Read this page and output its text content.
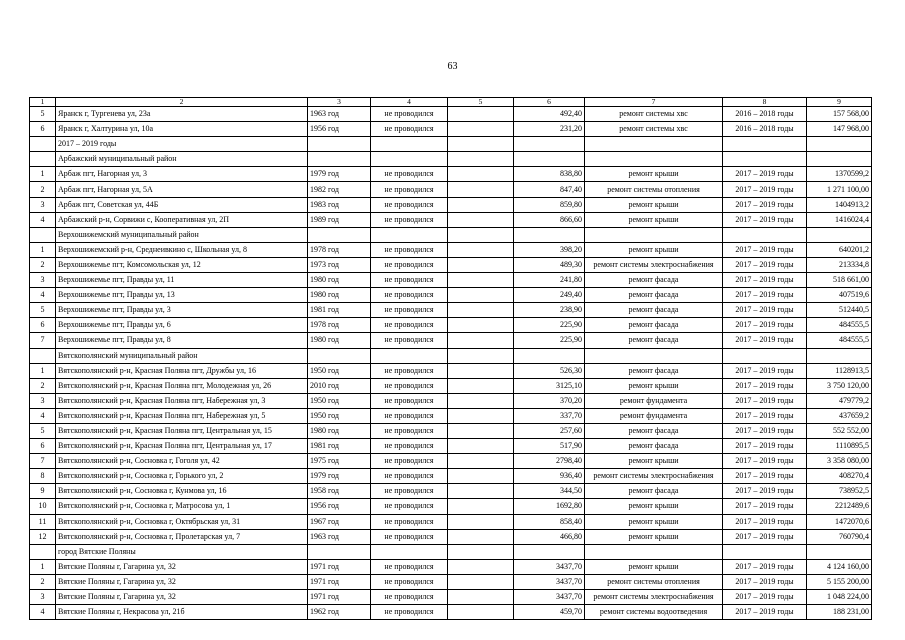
63
1	2	3	4	5	6	7	8	9
5	Яранск г, Тургенева ул, 23а	1963 год	не проводился		492,40	ремонт системы хвс	2016 – 2018 годы	157 568,00
6	Яранск г, Халтурина ул, 10а	1956 год	не проводился		231,20	ремонт системы хвс	2016 – 2018 годы	147 968,00
	2017 – 2019 годы							
	Арбажский муниципальный район							
1	Арбаж пгт, Нагорная ул, 3	1979 год	не проводился		838,80	ремонт крыши	2017 – 2019 годы	1370599,2
2	Арбаж пгт, Нагорная ул, 5А	1982 год	не проводился		847,40	ремонт системы отопления	2017 – 2019 годы	1 271 100,00
3	Арбаж пгт, Советская ул, 44Б	1983 год	не проводился		859,80	ремонт крыши	2017 – 2019 годы	1404913,2
4	Арбажский р-н, Сорвижи с, Кооперативная ул, 2П	1989 год	не проводился		866,60	ремонт крыши	2017 – 2019 годы	1416024,4
	Верхошижемский муниципальный район							
1	Верхошижемский р-н, Среднеивкино с, Школьная ул, 8	1978 год	не проводился		398,20	ремонт крыши	2017 – 2019 годы	640201,2
2	Верхошижемье пгт, Комсомольская ул, 12	1973 год	не проводился		489,30	ремонт системы электроснабжения	2017 – 2019 годы	213334,8
3	Верхошижемье пгт, Правды ул, 11	1980 год	не проводился		241,80	ремонт фасада	2017 – 2019 годы	518 661,00
4	Верхошижемье пгт, Правды ул, 13	1980 год	не проводился		249,40	ремонт фасада	2017 – 2019 годы	407519,6
5	Верхошижемье пгт, Правды ул, 3	1981 год	не проводился		238,90	ремонт фасада	2017 – 2019 годы	512440,5
6	Верхошижемье пгт, Правды ул, 6	1978 год	не проводился		225,90	ремонт фасада	2017 – 2019 годы	484555,5
7	Верхошижемье пгт, Правды ул, 8	1980 год	не проводился		225,90	ремонт фасада	2017 – 2019 годы	484555,5
	Вятскополянский муниципальный район							
1	Вятскополянский р-н, Красная Поляна пгт, Дружбы ул, 16	1950 год	не проводился		526,30	ремонт фасада	2017 – 2019 годы	1128913,5
2	Вятскополянский р-н, Красная Поляна пгт, Молодежная ул, 26	2010 год	не проводился		3125,10	ремонт крыши	2017 – 2019 годы	3 750 120,00
3	Вятскополянский р-н, Красная Поляна пгт, Набережная ул, 3	1950 год	не проводился		370,20	ремонт фундамента	2017 – 2019 годы	479779,2
4	Вятскополянский р-н, Красная Поляна пгт, Набережная ул, 5	1950 год	не проводился		337,70	ремонт фундамента	2017 – 2019 годы	437659,2
5	Вятскополянский р-н, Красная Поляна пгт, Центральная ул, 15	1980 год	не проводился		257,60	ремонт фасада	2017 – 2019 годы	552 552,00
6	Вятскополянский р-н, Красная Поляна пгт, Центральная ул, 17	1981 год	не проводился		517,90	ремонт фасада	2017 – 2019 годы	1110895,5
7	Вятскополянский р-н, Сосновка г, Гоголя ул, 42	1975 год	не проводился		2798,40	ремонт крыши	2017 – 2019 годы	3 358 080,00
8	Вятскополянский р-н, Сосновка г, Горького ул, 2	1979 год	не проводился		936,40	ремонт системы электроснабжения	2017 – 2019 годы	408270,4
9	Вятскополянский р-н, Сосновка г, Кунмова ул, 16	1958 год	не проводился		344,50	ремонт фасада	2017 – 2019 годы	738952,5
10	Вятскополянский р-н, Сосновка г, Матросова ул, 1	1956 год	не проводился		1692,80	ремонт крыши	2017 – 2019 годы	2212489,6
11	Вятскополянский р-н, Сосновка г, Октябрьская ул, 31	1967 год	не проводился		858,40	ремонт крыши	2017 – 2019 годы	1472070,6
12	Вятскополянский р-н, Сосновка г, Пролетарская ул, 7	1963 год	не проводился		466,80	ремонт крыши	2017 – 2019 годы	760790,4
	город Вятские Поляны							
1	Вятские Поляны г, Гагарина ул, 32	1971 год	не проводился		3437,70	ремонт крыши	2017 – 2019 годы	4 124 160,00
2	Вятские Поляны г, Гагарина ул, 32	1971 год	не проводился		3437,70	ремонт системы отопления	2017 – 2019 годы	5 155 200,00
3	Вятские Поляны г, Гагарина ул, 32	1971 год	не проводился		3437,70	ремонт системы электроснабжения	2017 – 2019 годы	1 048 224,00
4	Вятские Поляны г, Некрасова ул, 21б	1962 год	не проводился		459,70	ремонт системы водоотведения	2017 – 2019 годы	188 231,00
